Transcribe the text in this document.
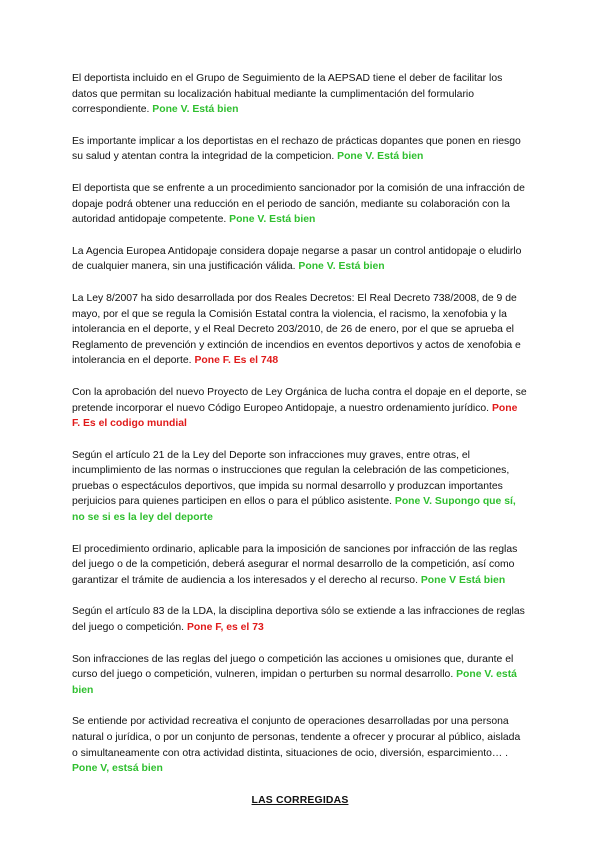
El deportista incluido en el Grupo de Seguimiento de la AEPSAD tiene el deber de facilitar los datos que permitan su localización habitual mediante la cumplimentación del formulario correspondiente. Pone V. Está bien

Es importante implicar a los deportistas en el rechazo de prácticas dopantes que ponen en riesgo su salud y atentan contra la integridad de la competicion. Pone V. Está bien

El deportista que se enfrente a un procedimiento sancionador por la comisión de una infracción de dopaje podrá obtener una reducción en el periodo de sanción, mediante su colaboración con la autoridad antidopaje competente. Pone V. Está bien

La Agencia Europea Antidopaje considera dopaje negarse a pasar un control antidopaje o eludirlo de cualquier manera, sin una justificación válida. Pone V. Está bien

La Ley 8/2007 ha sido desarrollada por dos Reales Decretos: El Real Decreto 738/2008, de 9 de mayo, por el que se regula la Comisión Estatal contra la violencia, el racismo, la xenofobia y la intolerancia en el deporte, y el Real Decreto 203/2010, de 26 de enero, por el que se aprueba el Reglamento de prevención y extinción de incendios en eventos deportivos y actos de xenofobia e intolerancia en el deporte. Pone F. Es el 748

Con la aprobación del nuevo Proyecto de Ley Orgánica de lucha contra el dopaje en el deporte, se pretende incorporar el nuevo Código Europeo Antidopaje, a nuestro ordenamiento jurídico. Pone F. Es el codigo mundial

Según el artículo 21 de la Ley del Deporte son infracciones muy graves, entre otras, el incumplimiento de las normas o instrucciones que regulan la celebración de las competiciones, pruebas o espectáculos deportivos, que impida su normal desarrollo y produzcan importantes perjuicios para quienes participen en ellos o para el público asistente. Pone V. Supongo que sí, no se si es la ley del deporte

El procedimiento ordinario, aplicable para la imposición de sanciones por infracción de las reglas del juego o de la competición, deberá asegurar el normal desarrollo de la competición, así como garantizar el trámite de audiencia a los interesados y el derecho al recurso. Pone V Está bien

Según el artículo 83 de la LDA, la disciplina deportiva sólo se extiende a las infracciones de reglas del juego o competición. Pone F, es el 73

Son infracciones de las reglas del juego o competición las acciones u omisiones que, durante el curso del juego o competición, vulneren, impidan o perturben su normal desarrollo. Pone V. está bien

Se entiende por actividad recreativa el conjunto de operaciones desarrolladas por una persona natural o jurídica, o por un conjunto de personas, tendente a ofrecer y procurar al público, aislada o simultaneamente con otra actividad distinta, situaciones de ocio, diversión, esparcimiento… . Pone V, estsá bien

LAS CORREGIDAS
